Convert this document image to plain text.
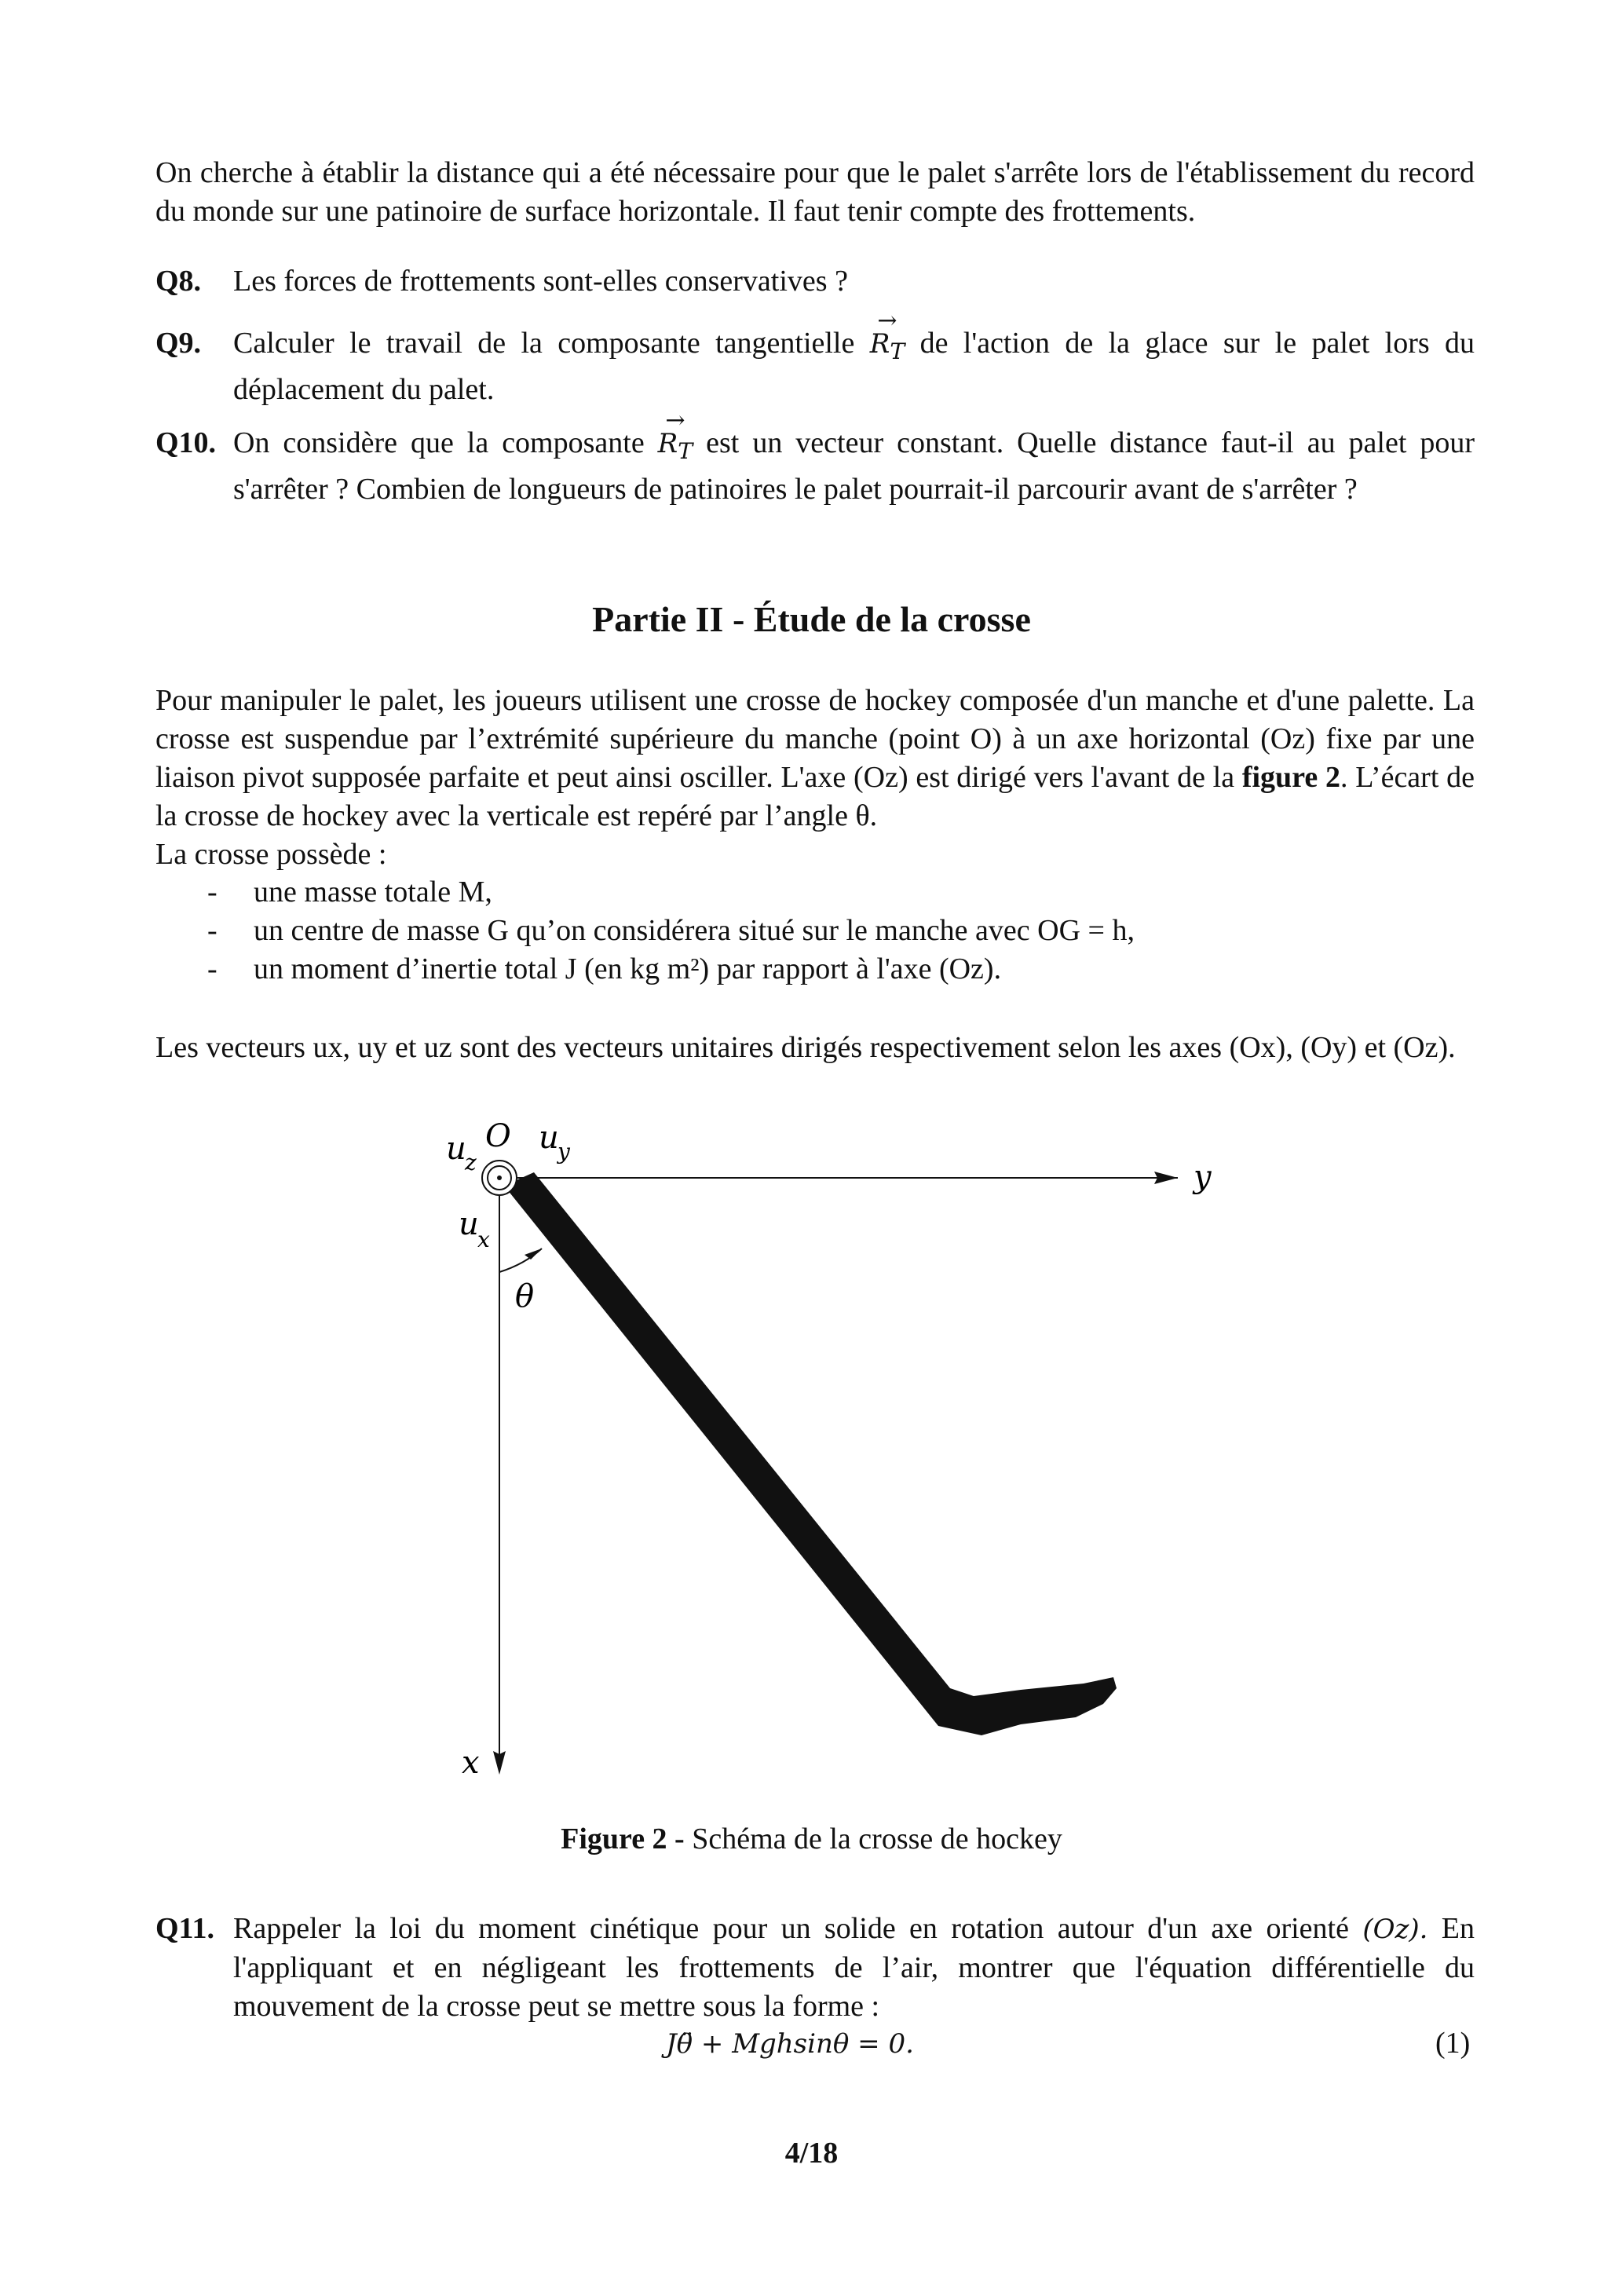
On cherche à établir la distance qui a été nécessaire pour que le palet s'arrête lors de l'établissement du record du monde sur une patinoire de surface horizontale. Il faut tenir compte des frottements.
Q8. Les forces de frottements sont-elles conservatives ?
Q9. Calculer le travail de la composante tangentielle → $R_T$ de l'action de la glace sur le palet lors du déplacement du palet.
Q10. On considère que la composante → $R_T$ est un vecteur constant. Quelle distance faut-il au palet pour s'arrêter ? Combien de longueurs de patinoires le palet pourrait-il parcourir avant de s'arrêter ?
Partie II - Étude de la crosse
Pour manipuler le palet, les joueurs utilisent une crosse de hockey composée d'un manche et d'une palette. La crosse est suspendue par l’extrémité supérieure du manche (point O) à un axe horizontal (Oz) fixe par une liaison pivot supposée parfaite et peut ainsi osciller. L'axe (Oz) est dirigé vers l'avant de la figure 2. L’écart de la crosse de hockey avec la verticale est repéré par l’angle θ.
La crosse possède :
- une masse totale M,
- un centre de masse G qu’on considérera situé sur le manche avec OG = h,
- un moment d’inertie total J (en kg m²) par rapport à l'axe (Oz).
Les vecteurs ux, uy et uz sont des vecteurs unitaires dirigés respectivement selon les axes (Ox), (Oy) et (Oz).
O
u
z
u
y
u
x
y
x
θ
Figure 2 - Schéma de la crosse de hockey
Q11. Rappeler la loi du moment cinétique pour un solide en rotation autour d'un axe orienté (Oz). En l'appliquant et en négligeant les frottements de l’air, montrer que l'équation différentielle du mouvement de la crosse peut se mettre sous la forme :
Jθ̈ + Mghsinθ = 0.	(1)
4/18
